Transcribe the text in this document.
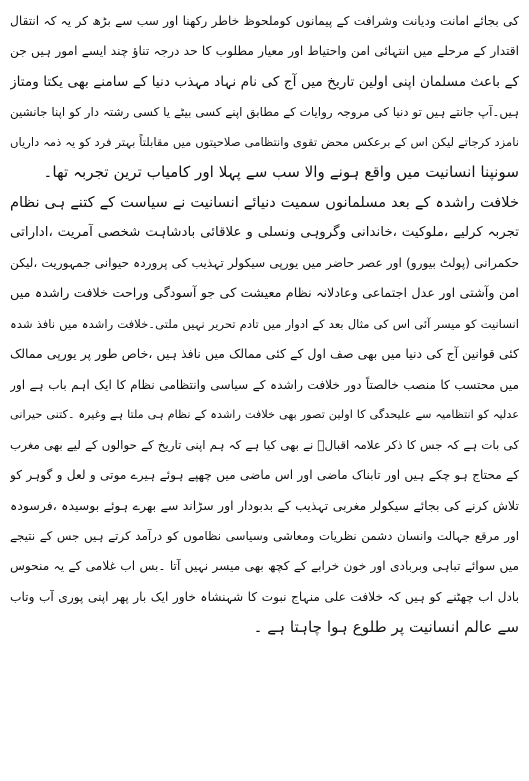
کی بجائے امانت ودیانت وشرافت کے پیمانوں کوملحوظ خاطر رکھنا اور سب سے بڑھ کر یہ کہ انتقال
اقتدار کے مرحلے میں انتہائی امن واحتیاط اور معیار مطلوب کا حد درجہ تناؤ چند ایسے امور ہیں جن
کے باعث مسلمان اپنی اولین تاریخ میں آج کی نام نہاد مہذب دنیا کے سامنے بھی یکتا ومتاز
ہیں۔آپ جانتے ہیں تو دنیا کی مروجہ روایات کے مطابق اپنے کسی بیٹے یا کسی رشتہ دار کو اپنا جانشین
نامزد کرجاتے لیکن اس کے برعکس محض تقوی وانتظامی صلاحیتوں میں مقابلتاً بہتر فرد کو یہ ذمہ داریاں
سونپنا انسانیت میں واقع ہونے والا سب سے پہلا اور کامیاب ترین تجربہ تھا۔
خلافت راشدہ کے بعد مسلمانوں سمیت دنیائے انسانیت نے سیاست کے کتنے ہی نظام
تجربہ کرلیے ،ملوکیت ،خاندانی وگروہی ونسلی و علاقائی بادشاہت شخصی آمریت ،اداراتی
حکمرانی (پولٹ بیورو) اور عصر حاضر میں یورپی سیکولر تہذیب کی پروردہ حیوانی جمہوریت ،لیکن
امن وآشتی اور عدل اجتماعی وعادلانہ نظام معیشت کی جو آسودگی وراحت خلافت راشدہ میں
انسانیت کو میسر آئی اس کی مثال بعد کے ادوار میں تادم تحریر نہیں ملتی۔خلافت راشدہ میں نافذ شدہ
کئی قوانین آج کی دنیا میں بھی صف اول کے کئی ممالک میں نافذ ہیں ،خاص طور پر یورپی ممالک
میں محتسب کا منصب خالصتاً دور خلافت راشدہ کے سیاسی وانتظامی نظام کا ایک اہم باب ہے اور
عدلیہ کو انتظامیہ سے علیحدگی کا اولین تصور بھی خلافت راشدہ کے نظام ہی ملتا ہے وغیرہ ۔کتنی حیرانی
کی بات ہے کہ جس کا ذکر علامہ اقبالؒ نے بھی کیا ہے کہ ہم اپنی تاریخ کے حوالوں کے لیے بھی مغرب
کے محتاج ہو چکے ہیں اور تابناک ماضی اور اس ماضی میں چھپے ہوئے ہیرے موتی و لعل و گوہر کو
تلاش کرنے کی بجائے سیکولر مغربی تہذیب کے بدبودار اور سڑاند سے بھرے ہوئے بوسیدہ ،فرسودہ
اور مرقع جہالت وانسان دشمن نظریات ومعاشی وسیاسی نظاموں کو درآمد کرتے ہیں جس کے نتیجے
میں سوائے تباہی وبربادی اور خون خرابے کے کچھ بھی میسر نہیں آتا ۔بس اب غلامی کے یہ منحوس
بادل اب چھٹنے کو ہیں کہ خلافت علی منہاج نبوت کا شہنشاہ خاور ایک بار پھر اپنی پوری آب وتاب
سے عالم انسانیت پر طلوع ہوا چاہتا ہے ۔
